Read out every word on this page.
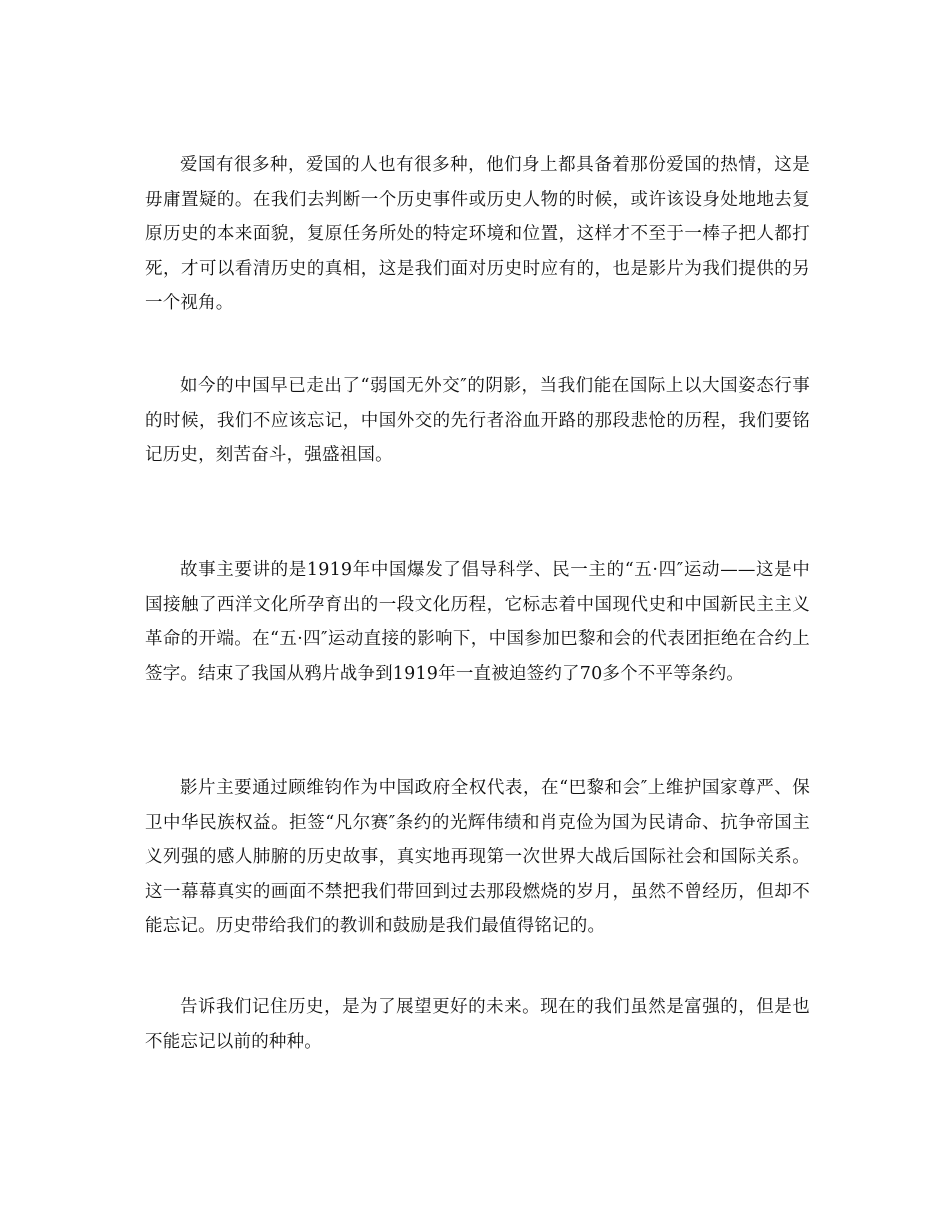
爱国有很多种，爱国的人也有很多种，他们身上都具备着那份爱国的热情，这是毋庸置疑的。在我们去判断一个历史事件或历史人物的时候，或许该设身处地地去复原历史的本来面貌，复原任务所处的特定环境和位置，这样才不至于一棒子把人都打死，才可以看清历史的真相，这是我们面对历史时应有的，也是影片为我们提供的另一个视角。

如今的中国早已走出了“弱国无外交″的阴影，当我们能在国际上以大国姿态行事的时候，我们不应该忘记，中国外交的先行者浴血开路的那段悲怆的历程，我们要铭记历史，刻苦奋斗，强盛祖国。

故事主要讲的是1919年中国爆发了倡导科学、民一主的“五·四″运动——这是中国接触了西洋文化所孕育出的一段文化历程，它标志着中国现代史和中国新民主主义革命的开端。在“五·四″运动直接的影响下，中国参加巴黎和会的代表团拒绝在合约上签字。结束了我国从鸦片战争到1919年一直被迫签约了70多个不平等条约。

影片主要通过顾维钧作为中国政府全权代表，在“巴黎和会″上维护国家尊严、保卫中华民族权益。拒签“凡尔赛″条约的光辉伟绩和肖克俭为国为民请命、抗争帝国主义列强的感人肺腑的历史故事，真实地再现第一次世界大战后国际社会和国际关系。这一幕幕真实的画面不禁把我们带回到过去那段燃烧的岁月，虽然不曾经历，但却不能忘记。历史带给我们的教训和鼓励是我们最值得铭记的。

告诉我们记住历史，是为了展望更好的未来。现在的我们虽然是富强的，但是也不能忘记以前的种种。
